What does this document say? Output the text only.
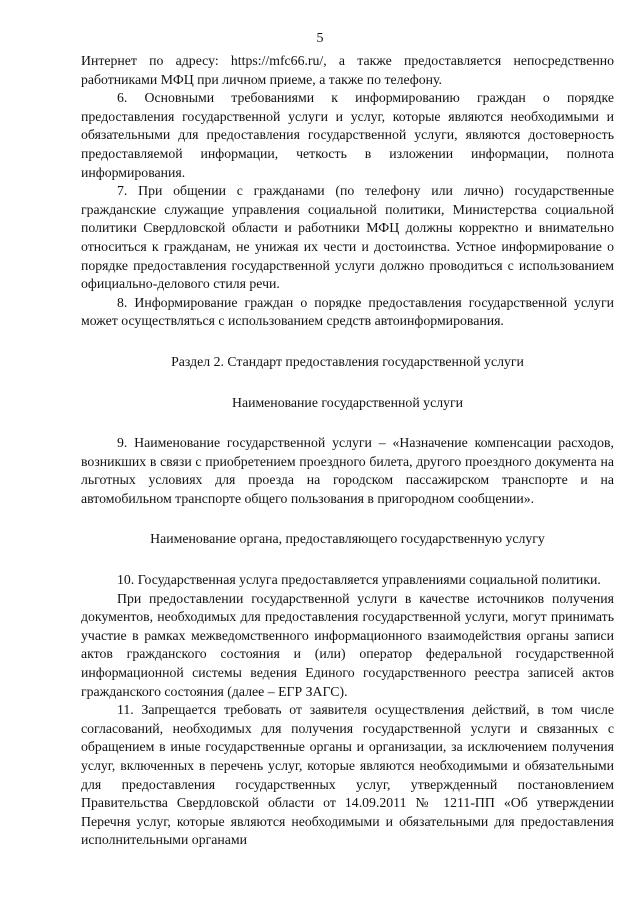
5

Интернет по адресу: https://mfc66.ru/, а также предоставляется непосредственно работниками МФЦ при личном приеме, а также по телефону.

6. Основными требованиями к информированию граждан о порядке предоставления государственной услуги и услуг, которые являются необходимыми и обязательными для предоставления государственной услуги, являются достоверность предоставляемой информации, четкость в изложении информации, полнота информирования.

7. При общении с гражданами (по телефону или лично) государственные гражданские служащие управления социальной политики, Министерства социальной политики Свердловской области и работники МФЦ должны корректно и внимательно относиться к гражданам, не унижая их чести и достоинства. Устное информирование о порядке предоставления государственной услуги должно проводиться с использованием официально-делового стиля речи.

8. Информирование граждан о порядке предоставления государственной услуги может осуществляться с использованием средств автоинформирования.

Раздел 2. Стандарт предоставления государственной услуги

Наименование государственной услуги

9. Наименование государственной услуги – «Назначение компенсации расходов, возникших в связи с приобретением проездного билета, другого проездного документа на льготных условиях для проезда на городском пассажирском транспорте и на автомобильном транспорте общего пользования в пригородном сообщении».

Наименование органа, предоставляющего государственную услугу

10. Государственная услуга предоставляется управлениями социальной политики.

При предоставлении государственной услуги в качестве источников получения документов, необходимых для предоставления государственной услуги, могут принимать участие в рамках межведомственного информационного взаимодействия органы записи актов гражданского состояния и (или) оператор федеральной государственной информационной системы ведения Единого государственного реестра записей актов гражданского состояния (далее – ЕГР ЗАГС).

11. Запрещается требовать от заявителя осуществления действий, в том числе согласований, необходимых для получения государственной услуги и связанных с обращением в иные государственные органы и организации, за исключением получения услуг, включенных в перечень услуг, которые являются необходимыми и обязательными для предоставления государственных услуг, утвержденный постановлением Правительства Свердловской области от 14.09.2011 № 1211-ПП «Об утверждении Перечня услуг, которые являются необходимыми и обязательными для предоставления исполнительными органами
